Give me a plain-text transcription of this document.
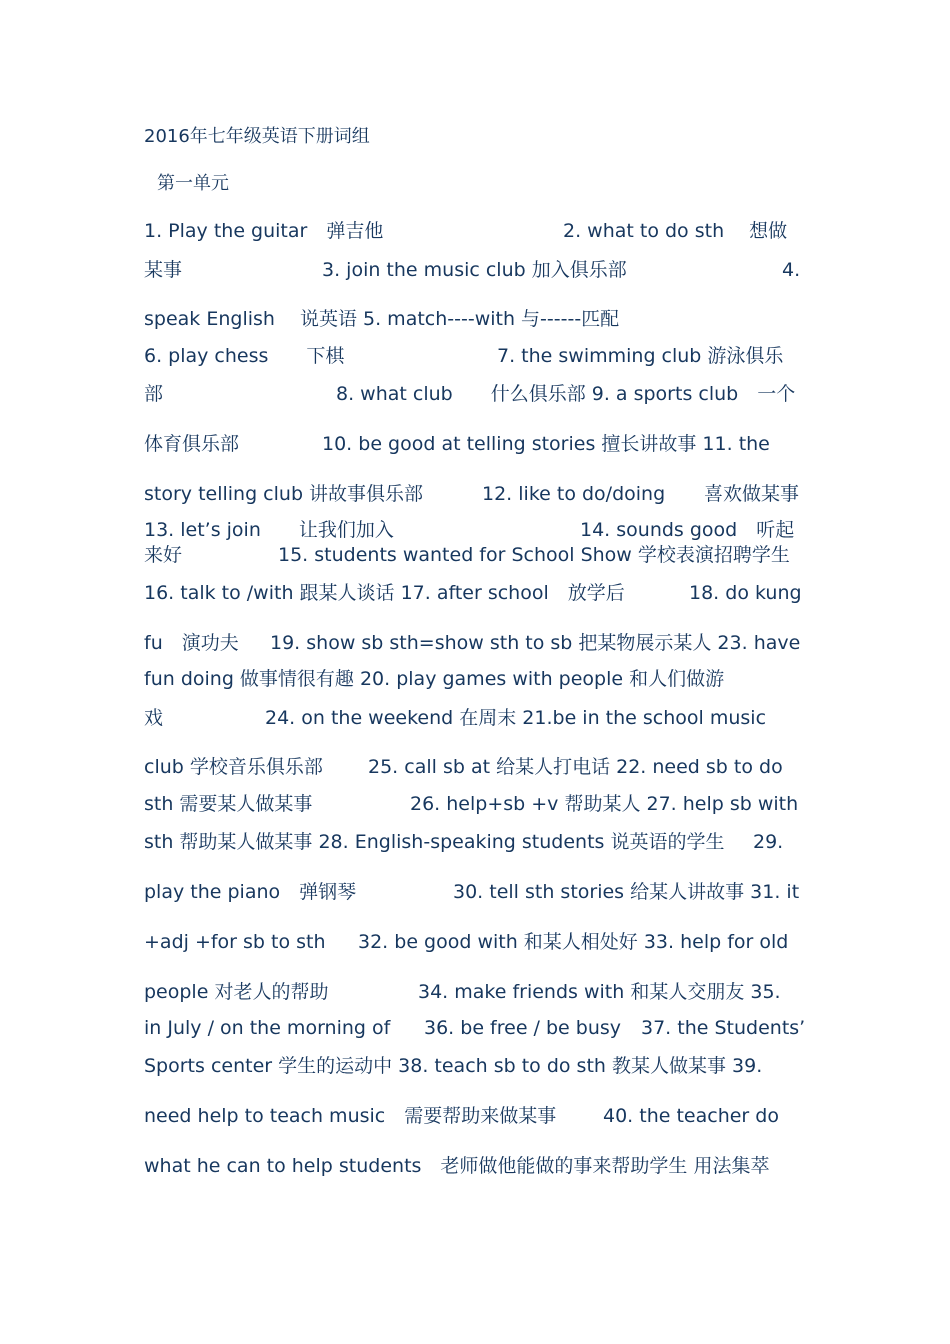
2016年七年级英语下册词组
第一单元
1. Play the guitar　弹吉他	2. what to do sth　 想做
某事	3. join the music club 加入俱乐部	4.
speak English　 说英语 5. match----with 与------匹配
6. play chess　　下棋	7. the swimming club 游泳俱乐
部	8. what club　　什么俱乐部 9. a sports club　一个
体育俱乐部	10. be good at telling stories 擅长讲故事 11. the
story telling club 讲故事俱乐部	12. like to do/doing 喜欢做某事
13. let’s join　　让我们加入	14. sounds good　听起
来好	15. students wanted for School Show 学校表演招聘学生
16. talk to /with 跟某人谈话 17. after school　放学后	18. do kung
fu　演功夫 19. show sb sth=show sth to sb 把某物展示某人 23. have
fun doing 做事情很有趣 20. play games with people 和人们做游
戏	24. on the weekend 在周末 21.be in the school music
club 学校音乐俱乐部 25. call sb at 给某人打电话 22. need sb to do
sth 需要某人做某事	26. help+sb +v 帮助某人 27. help sb with
sth 帮助某人做某事 28. English-speaking students 说英语的学生 29.
play the piano　弹钢琴	30. tell sth stories 给某人讲故事 31. it
+adj +for sb to sth 32. be good with 和某人相处好 33. help for old
people 对老人的帮助	34. make friends with 和某人交朋友 35.
in July / on the morning of 36. be free / be busy 37. the Students’
Sports center 学生的运动中 38. teach sb to do sth 教某人做某事 39.
need help to teach music　需要帮助来做某事 40. the teacher do
what he can to help students　老师做他能做的事来帮助学生 用法集萃
